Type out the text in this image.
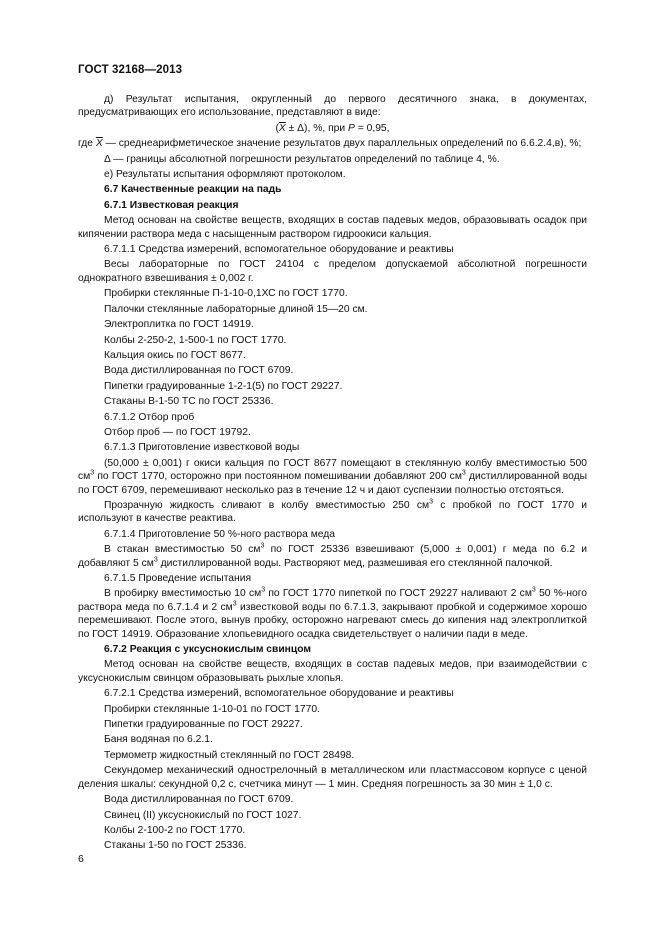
ГОСТ 32168—2013

д) Результат испытания, округленный до первого десятичного знака, в документах, предусматривающих его использование, представляют в виде:

$(\overline{X} \pm \Delta)$, %, при P = 0,95,

где $\overline{X}$ — среднеарифметическое значение результатов двух параллельных определений по 6.6.2.4,в), %;

Δ — границы абсолютной погрешности результатов определений по таблице 4, %.

е) Результаты испытания оформляют протоколом.

6.7 Качественные реакции на падь

6.7.1 Известковая реакция

Метод основан на свойстве веществ, входящих в состав падевых медов, образовывать осадок при кипячении раствора меда с насыщенным раствором гидроокиси кальция.

6.7.1.1 Средства измерений, вспомогательное оборудование и реактивы

Весы лабораторные по ГОСТ 24104 с пределом допускаемой абсолютной погрешности однократного взвешивания ± 0,002 г.

Пробирки стеклянные П-1-10-0,1ХС по ГОСТ 1770.

Палочки стеклянные лабораторные длиной 15—20 см.

Электроплитка по ГОСТ 14919.

Колбы 2-250-2, 1-500-1 по ГОСТ 1770.

Кальция окись по ГОСТ 8677.

Вода дистиллированная по ГОСТ 6709.

Пипетки градуированные 1-2-1(5) по ГОСТ 29227.

Стаканы В-1-50 ТС по ГОСТ 25336.

6.7.1.2 Отбор проб

Отбор проб — по ГОСТ 19792.

6.7.1.3 Приготовление известковой воды

(50,000 ± 0,001) г окиси кальция по ГОСТ 8677 помещают в стеклянную колбу вместимостью 500 $см^3$ по ГОСТ 1770, осторожно при постоянном помешивании добавляют 200 $см^3$ дистиллированной воды по ГОСТ 6709, перемешивают несколько раз в течение 12 ч и дают суспензии полностью отстояться.

Прозрачную жидкость сливают в колбу вместимостью 250 $см^3$ с пробкой по ГОСТ 1770 и используют в качестве реактива.

6.7.1.4 Приготовление 50 %-ного раствора меда

В стакан вместимостью 50 $см^3$ по ГОСТ 25336 взвешивают (5,000 ± 0,001) г меда по 6.2 и добавляют 5 $см^3$ дистиллированной воды. Растворяют мед, размешивая его стеклянной палочкой.

6.7.1.5 Проведение испытания

В пробирку вместимостью 10 $см^3$ по ГОСТ 1770 пипеткой по ГОСТ 29227 наливают 2 $см^3$ 50 %-ного раствора меда по 6.7.1.4 и 2 $см^3$ известковой воды по 6.7.1.3, закрывают пробкой и содержимое хорошо перемешивают. После этого, вынув пробку, осторожно нагревают смесь до кипения над электроплиткой по ГОСТ 14919. Образование хлопьевидного осадка свидетельствует о наличии пади в меде.

6.7.2 Реакция с уксуснокислым свинцом

Метод основан на свойстве веществ, входящих в состав падевых медов, при взаимодействии с уксуснокислым свинцом образовывать рыхлые хлопья.

6.7.2.1 Средства измерений, вспомогательное оборудование и реактивы

Пробирки стеклянные 1-10-01 по ГОСТ 1770.

Пипетки градуированные по ГОСТ 29227.

Баня водяная по 6.2.1.

Термометр жидкостный стеклянный по ГОСТ 28498.

Секундомер механический однострелочный в металлическом или пластмассовом корпусе с ценой деления шкалы: секундной 0,2 с, счетчика минут — 1 мин. Средняя погрешность за 30 мин ± 1,0 с.

Вода дистиллированная по ГОСТ 6709.

Свинец (II) уксуснокислый по ГОСТ 1027.

Колбы 2-100-2 по ГОСТ 1770.

Стаканы 1-50 по ГОСТ 25336.

6
